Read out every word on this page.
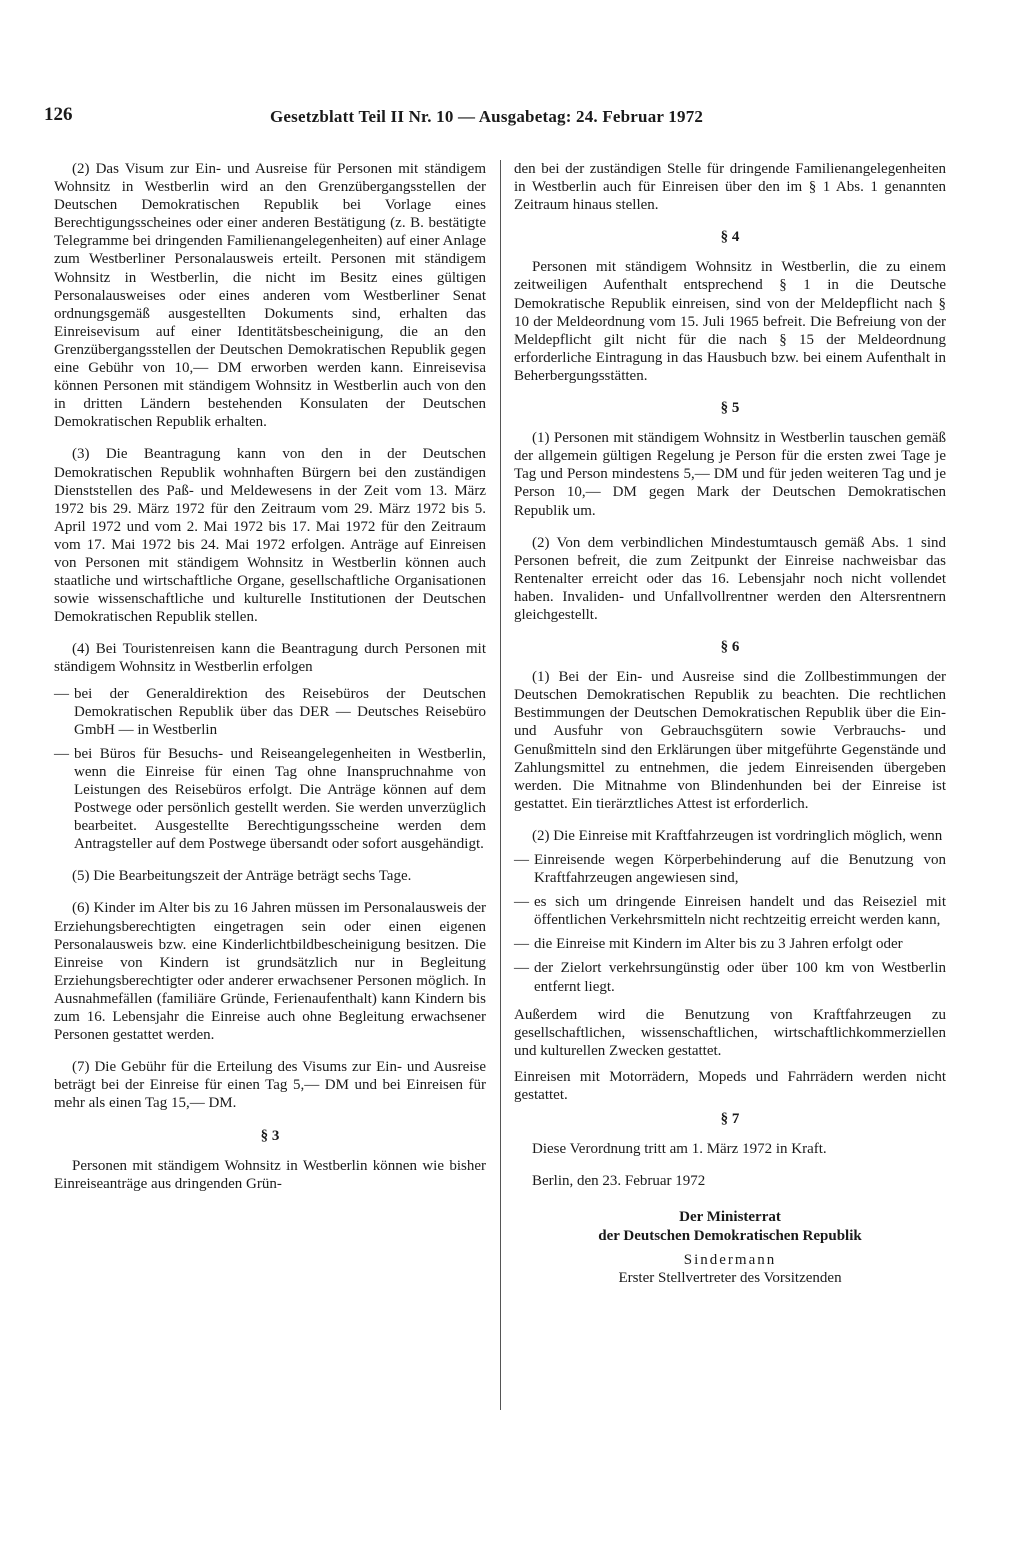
126	Gesetzblatt Teil II Nr. 10 — Ausgabetag: 24. Februar 1972

(2) Das Visum zur Ein- und Ausreise für Personen mit ständigem Wohnsitz in Westberlin wird an den Grenzübergangsstellen der Deutschen Demokratischen Republik bei Vorlage eines Berechtigungsscheines oder einer anderen Bestätigung (z. B. bestätigte Telegramme bei dringenden Familienangelegenheiten) auf einer Anlage zum Westberliner Personalausweis erteilt. Personen mit ständigem Wohnsitz in Westberlin, die nicht im Besitz eines gültigen Personalausweises oder eines anderen vom Westberliner Senat ordnungsgemäß ausgestellten Dokuments sind, erhalten das Einreisevisum auf einer Identitätsbescheinigung, die an den Grenzübergangsstellen der Deutschen Demokratischen Republik gegen eine Gebühr von 10,— DM erworben werden kann. Einreisevisa können Personen mit ständigem Wohnsitz in Westberlin auch von den in dritten Ländern bestehenden Konsulaten der Deutschen Demokratischen Republik erhalten.

(3) Die Beantragung kann von den in der Deutschen Demokratischen Republik wohnhaften Bürgern bei den zuständigen Dienststellen des Paß- und Meldewesens in der Zeit vom 13. März 1972 bis 29. März 1972 für den Zeitraum vom 29. März 1972 bis 5. April 1972 und vom 2. Mai 1972 bis 17. Mai 1972 für den Zeitraum vom 17. Mai 1972 bis 24. Mai 1972 erfolgen. Anträge auf Einreisen von Personen mit ständigem Wohnsitz in Westberlin können auch staatliche und wirtschaftliche Organe, gesellschaftliche Organisationen sowie wissenschaftliche und kulturelle Institutionen der Deutschen Demokratischen Republik stellen.

(4) Bei Touristenreisen kann die Beantragung durch Personen mit ständigem Wohnsitz in Westberlin erfolgen

— bei der Generaldirektion des Reisebüros der Deutschen Demokratischen Republik über das DER — Deutsches Reisebüro GmbH — in Westberlin
— bei Büros für Besuchs- und Reiseangelegenheiten in Westberlin, wenn die Einreise für einen Tag ohne Inanspruchnahme von Leistungen des Reisebüros erfolgt. Die Anträge können auf dem Postwege oder persönlich gestellt werden. Sie werden unverzüglich bearbeitet. Ausgestellte Berechtigungsscheine werden dem Antragsteller auf dem Postwege übersandt oder sofort ausgehändigt.

(5) Die Bearbeitungszeit der Anträge beträgt sechs Tage.

(6) Kinder im Alter bis zu 16 Jahren müssen im Personalausweis der Erziehungsberechtigten eingetragen sein oder einen eigenen Personalausweis bzw. eine Kinderlichtbildbescheinigung besitzen. Die Einreise von Kindern ist grundsätzlich nur in Begleitung Erziehungsberechtigter oder anderer erwachsener Personen möglich. In Ausnahmefällen (familiäre Gründe, Ferienaufenthalt) kann Kindern bis zum 16. Lebensjahr die Einreise auch ohne Begleitung erwachsener Personen gestattet werden.

(7) Die Gebühr für die Erteilung des Visums zur Ein- und Ausreise beträgt bei der Einreise für einen Tag 5,— DM und bei Einreisen für mehr als einen Tag 15,— DM.

§ 3

Personen mit ständigem Wohnsitz in Westberlin können wie bisher Einreiseanträge aus dringenden Grün-

den bei der zuständigen Stelle für dringende Familienangelegenheiten in Westberlin auch für Einreisen über den im § 1 Abs. 1 genannten Zeitraum hinaus stellen.

§ 4

Personen mit ständigem Wohnsitz in Westberlin, die zu einem zeitweiligen Aufenthalt entsprechend § 1 in die Deutsche Demokratische Republik einreisen, sind von der Meldepflicht nach § 10 der Meldeordnung vom 15. Juli 1965 befreit. Die Befreiung von der Meldepflicht gilt nicht für die nach § 15 der Meldeordnung erforderliche Eintragung in das Hausbuch bzw. bei einem Aufenthalt in Beherbergungsstätten.

§ 5

(1) Personen mit ständigem Wohnsitz in Westberlin tauschen gemäß der allgemein gültigen Regelung je Person für die ersten zwei Tage je Tag und Person mindestens 5,— DM und für jeden weiteren Tag und je Person 10,— DM gegen Mark der Deutschen Demokratischen Republik um.

(2) Von dem verbindlichen Mindestumtausch gemäß Abs. 1 sind Personen befreit, die zum Zeitpunkt der Einreise nachweisbar das Rentenalter erreicht oder das 16. Lebensjahr noch nicht vollendet haben. Invaliden- und Unfallvollrentner werden den Altersrentnern gleichgestellt.

§ 6

(1) Bei der Ein- und Ausreise sind die Zollbestimmungen der Deutschen Demokratischen Republik zu beachten. Die rechtlichen Bestimmungen der Deutschen Demokratischen Republik über die Ein- und Ausfuhr von Gebrauchsgütern sowie Verbrauchs- und Genußmitteln sind den Erklärungen über mitgeführte Gegenstände und Zahlungsmittel zu entnehmen, die jedem Einreisenden übergeben werden. Die Mitnahme von Blindenhunden bei der Einreise ist gestattet. Ein tierärztliches Attest ist erforderlich.

(2) Die Einreise mit Kraftfahrzeugen ist vordringlich möglich, wenn

— Einreisende wegen Körperbehinderung auf die Benutzung von Kraftfahrzeugen angewiesen sind,
— es sich um dringende Einreisen handelt und das Reiseziel mit öffentlichen Verkehrsmitteln nicht rechtzeitig erreicht werden kann,
— die Einreise mit Kindern im Alter bis zu 3 Jahren erfolgt oder
— der Zielort verkehrsungünstig oder über 100 km von Westberlin entfernt liegt.

Außerdem wird die Benutzung von Kraftfahrzeugen zu gesellschaftlichen, wissenschaftlichen, wirtschaftlichkommerziellen und kulturellen Zwecken gestattet.

Einreisen mit Motorrädern, Mopeds und Fahrrädern werden nicht gestattet.

§ 7

Diese Verordnung tritt am 1. März 1972 in Kraft.

Berlin, den 23. Februar 1972

Der Ministerrat

der Deutschen Demokratischen Republik

Sindermann

Erster Stellvertreter des Vorsitzenden
